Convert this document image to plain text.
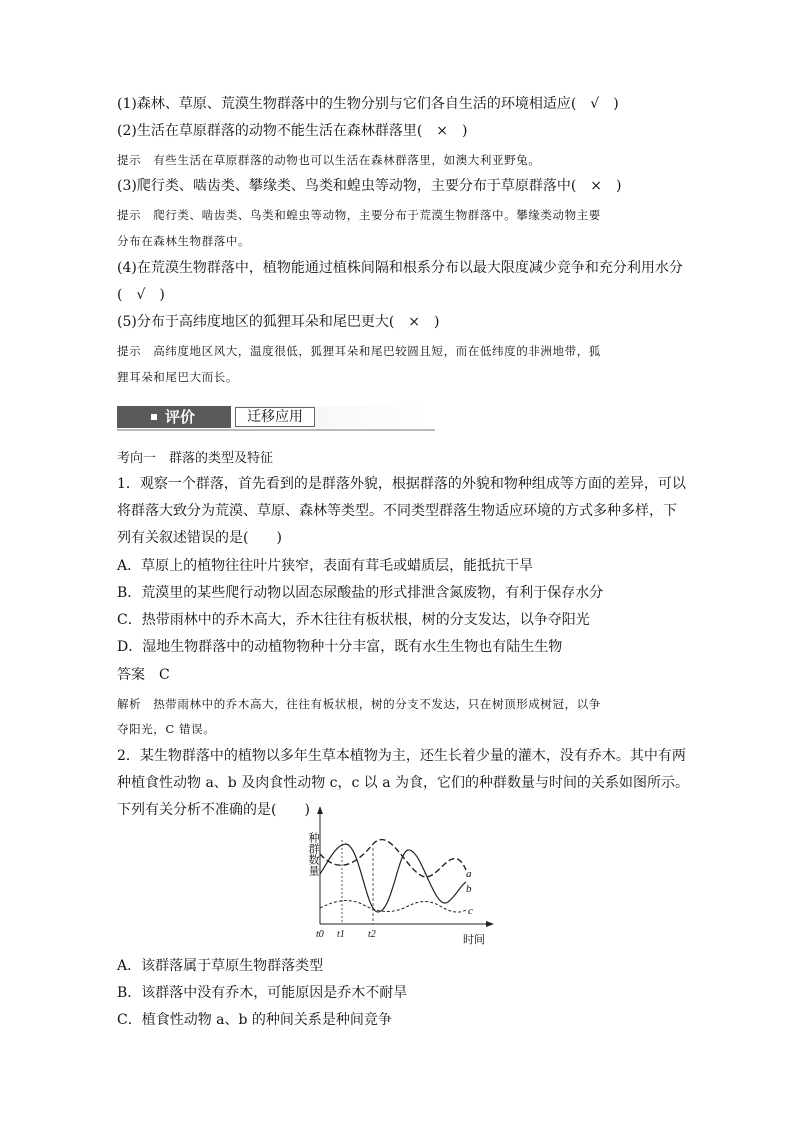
(1)森林、草原、荒漠生物群落中的生物分别与它们各自生活的环境相适应(　√　)
(2)生活在草原群落的动物不能生活在森林群落里(　×　)
提示 有些生活在草原群落的动物也可以生活在森林群落里，如澳大利亚野兔。
(3)爬行类、啮齿类、攀缘类、鸟类和蝗虫等动物，主要分布于草原群落中(　×　)
提示 爬行类、啮齿类、鸟类和蝗虫等动物，主要分布于荒漠生物群落中。攀缘类动物主要
分布在森林生物群落中。
(4)在荒漠生物群落中，植物能通过植株间隔和根系分布以最大限度减少竞争和充分利用水分
(　√　)
(5)分布于高纬度地区的狐狸耳朵和尾巴更大(　×　)
提示 高纬度地区风大，温度很低，狐狸耳朵和尾巴较圆且短，而在低纬度的非洲地带，狐
狸耳朵和尾巴大而长。
评价	迁移应用
考向一　群落的类型及特征
1．观察一个群落，首先看到的是群落外貌，根据群落的外貌和物种组成等方面的差异，可以
将群落大致分为荒漠、草原、森林等类型。不同类型群落生物适应环境的方式多种多样，下
列有关叙述错误的是(　　)
A．草原上的植物往往叶片狭窄，表面有茸毛或蜡质层，能抵抗干旱
B．荒漠里的某些爬行动物以固态尿酸盐的形式排泄含氮废物，有利于保存水分
C．热带雨林中的乔木高大，乔木往往有板状根，树的分支发达，以争夺阳光
D．湿地生物群落中的动植物物种十分丰富，既有水生生物也有陆生生物
答案　 C
解析 热带雨林中的乔木高大，往往有板状根，树的分支不发达，只在树顶形成树冠，以争
夺阳光，C 错误。
2．某生物群落中的植物以多年生草本植物为主，还生长着少量的灌木，没有乔木。其中有两
种植食性动物 a、b 及肉食性动物 c，c 以 a 为食，它们的种群数量与时间的关系如图所示。
下列有关分析不准确的是(　　)
种群数量
时间
a
b
c
t0 t1 t2
A．该群落属于草原生物群落类型
B．该群落中没有乔木，可能原因是乔木不耐旱
C．植食性动物 a、b 的种间关系是种间竞争
